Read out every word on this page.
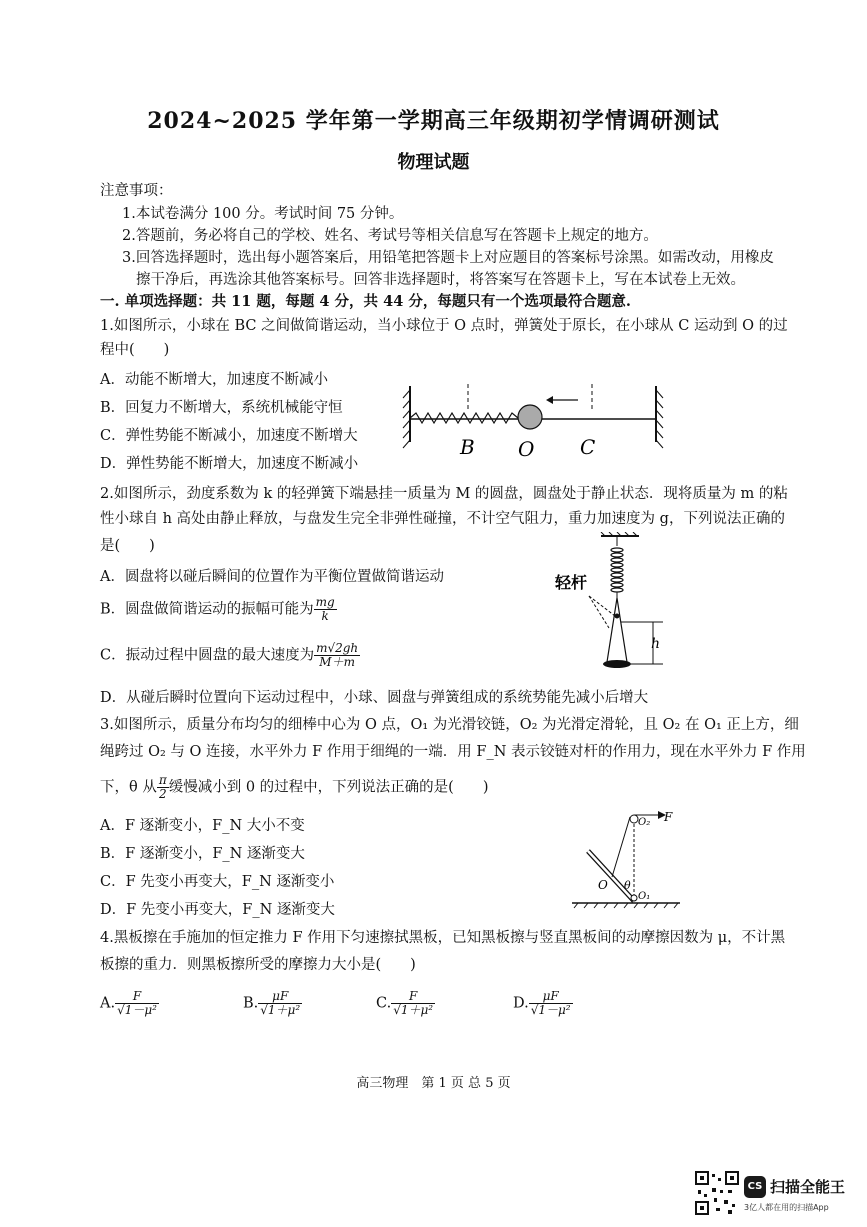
2024~2025 学年第一学期高三年级期初学情调研测试
物理试题
注意事项：
1.本试卷满分 100 分。考试时间 75 分钟。
2.答题前，务必将自己的学校、姓名、考试号等相关信息写在答题卡上规定的地方。
3.回答选择题时，选出每小题答案后，用铅笔把答题卡上对应题目的答案标号涂黑。如需改动，用橡皮
擦干净后，再选涂其他答案标号。回答非选择题时，将答案写在答题卡上，写在本试卷上无效。
一. 单项选择题：共 11 题，每题 4 分，共 44 分，每题只有一个选项最符合题意.
1.如图所示，小球在 BC 之间做简谐运动，当小球位于 O 点时，弹簧处于原长，在小球从 C 运动到 O 的过
程中(　　)
A．动能不断增大，加速度不断减小
B．回复力不断增大，系统机械能守恒
C．弹性势能不断减小，加速度不断增大
D．弹性势能不断增大，加速度不断减小
B O C
2.如图所示，劲度系数为 k 的轻弹簧下端悬挂一质量为 M 的圆盘，圆盘处于静止状态．现将质量为 m 的粘
性小球自 h 高处由静止释放，与盘发生完全非弹性碰撞，不计空气阻力，重力加速度为 g，下列说法正确的
是(　　)
A．圆盘将以碰后瞬间的位置作为平衡位置做简谐运动
B．圆盘做简谐运动的振幅可能为 $\frac{mg}{k}$
C．振动过程中圆盘的最大速度为 $\frac{m√2gh}{M+m}$
D．从碰后瞬时位置向下运动过程中，小球、圆盘与弹簧组成的系统势能先减小后增大
轻杆
h
3.如图所示，质量分布均匀的细棒中心为 O 点，O₁ 为光滑铰链，O₂ 为光滑定滑轮，且 O₂ 在 O₁ 正上方，细
绳跨过 O₂ 与 O 连接，水平外力 F 作用于细绳的一端．用 F_N 表示铰链对杆的作用力，现在水平外力 F 作用
下，θ 从 $\frac{\pi}{2}$ 缓慢减小到 0 的过程中，下列说法正确的是(　　)
A．F 逐渐变小，F_N 大小不变
B．F 逐渐变小，F_N 逐渐变大
C．F 先变小再变大，F_N 逐渐变小
D．F 先变小再变大，F_N 逐渐变大
O₂ F
O θ
O₁
4.黑板擦在手施加的恒定推力 F 作用下匀速擦拭黑板，已知黑板擦与竖直黑板间的动摩擦因数为 μ，不计黑
板擦的重力．则黑板擦所受的摩擦力大小是(　　)
A. $\frac{F}{\text{√1－μ²}}$	B. $\frac{\mu F}{\text{√1＋μ²}}$	C. $\frac{F}{\text{√1＋μ²}}$	D. $\frac{\mu F}{\text{√1－μ²}}$
高三物理　第 1 页 总 5 页
CS 扫描全能王
3亿人都在用的扫描App
